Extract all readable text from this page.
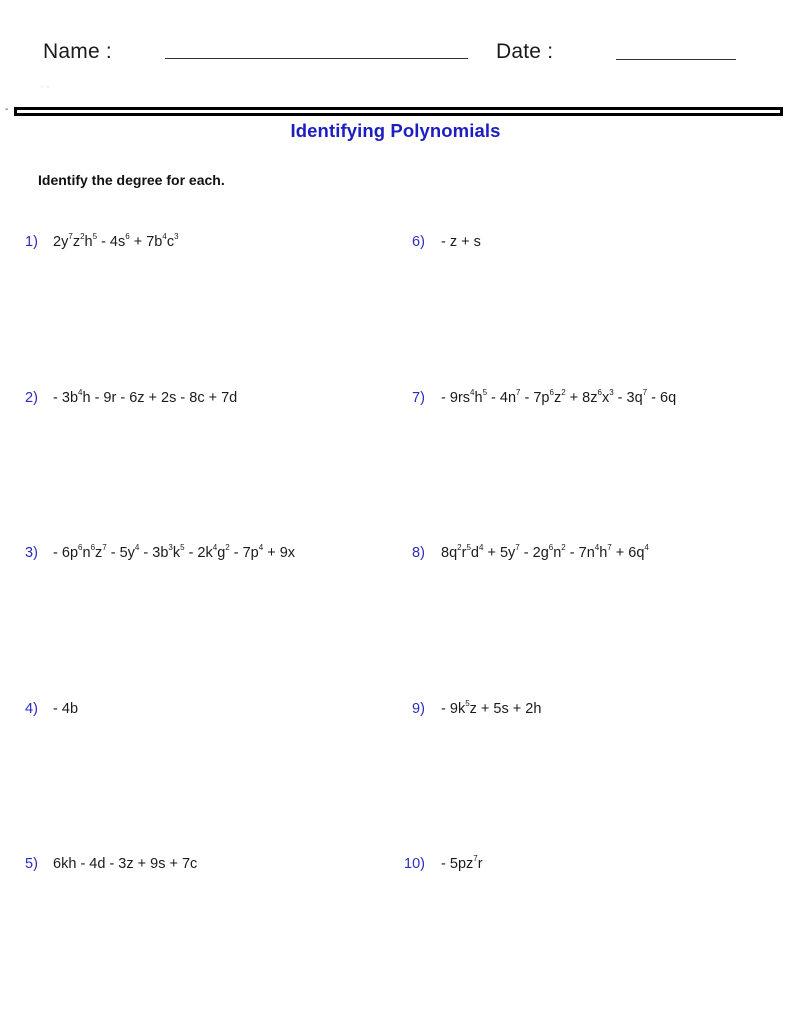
Name :	Date :
• •
-
Identifying Polynomials
Identify the degree for each.
1) $2y^7z^2h^5 - 4s^6 + 7b^4c^3$
$2) - 3b^4h - 9r - 6z + 2s - 8c + 7d$
$3) - 6p^6n^6z^7 - 5y^4 - 3b^3k^5 - 2k^4g^2 - 7p^4 + 9x$
4) - 4b
5) 6kh - 4d - 3z + 9s + 7c
6) - z + s
$7) - 9rs^4h^5 - 4n^7 - 7p^6z^2 + 8z^6x^3 - 3q^7 - 6q$
8) $8q^2r^5d^4 + 5y^7 - 2g^6n^2 - 7n^4h^7 + 6q^4$
$9) - 9k^5z + 5s + 2h$
$10) - 5pz^7r$
